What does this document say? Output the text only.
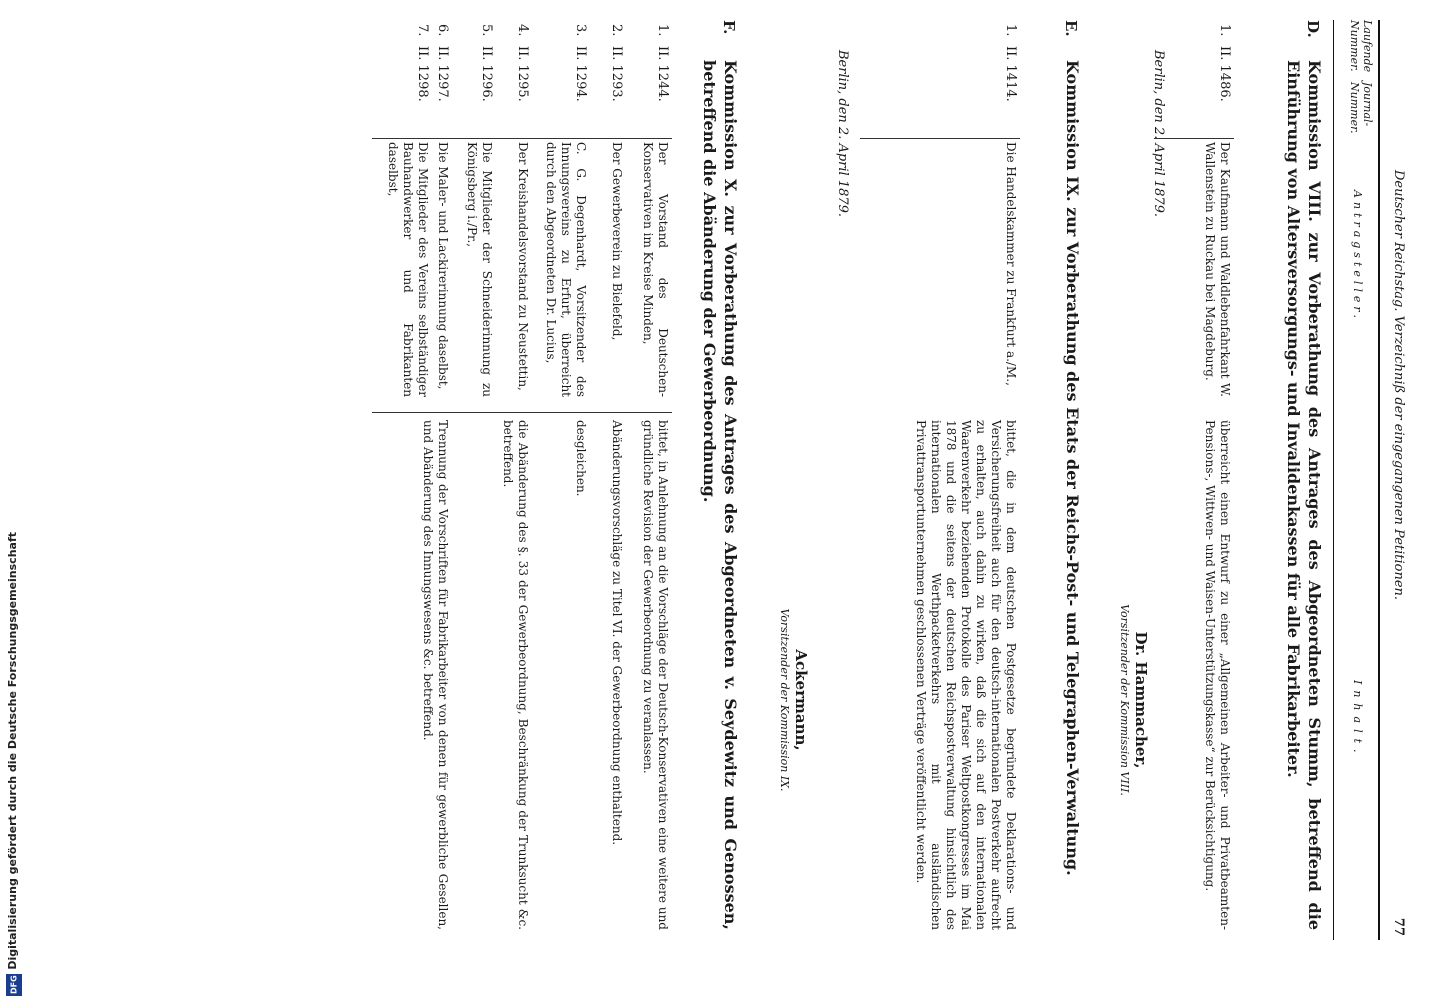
Digitalisierung gefördert durch die Deutsche Forschungsgemeinschaft
DFG
Deutscher Reichstag. Verzeichniß der eingegangenen Petitionen.
77
Laufende Nummer.
Journal-Nummer.
Antragsteller.
Inhalt.
D.
Kommission VIII. zur Vorberathung des Antrages des Abgeordneten Stumm, betreffend die Einführung von Altersversorgungs- und Invalidenkassen für alle Fabrikarbeiter.
1.
II. 1486.
Der Kaufmann und Waldlebenfahrkant W. Wallenstein zu Ruckau bei Magdeburg.
überreicht einen Entwurf zu einer „Allgemeinen Arbeiter- und Privatbeamten-Pensions-, Wittwen- und Waisen-Unterstützungskasse“ zur Berücksichtigung.
Berlin, den 2. April 1879.
Dr. Hammacher,
Vorsitzender der Kommission VIII.
E.
Kommission IX. zur Vorberathung des Etats der Reichs-Post- und Telegraphen-Verwaltung.
1.
II. 1414.
Die Handelskammer zu Frankfurt a./M.,
bittet, die in dem deutschen Postgesetze begründete Deklarations- und Versicherungsfreiheit auch für den deutsch-internationalen Postverkehr aufrecht zu erhalten, auch dahin zu wirken, daß die sich auf den internationalen Waarenverkehr beziehenden Protokolle des Pariser Weltpostkongresses im Mai 1878 und die seitens der deutschen Reichspostverwaltung hinsichtlich des internationalen Werthpacketverkehrs mit ausländischen Privattransportunternehmen geschlossenen Verträge veröffentlicht werden.
Berlin, den 2. April 1879.
Ackermann,
Vorsitzender der Kommission IX.
F.
Kommission X. zur Vorberathung des Antrages des Abgeordneten v. Seydewitz und Genossen, betreffend die Abänderung der Gewerbeordnung.
1.
II. 1244.
Der Vorstand des Deutschen-Konservativen im Kreise Minden,
bittet, in Anlehnung an die Vorschläge der Deutsch-Konservativen eine weitere und gründliche Revision der Gewerbeordnung zu veranlassen.
2.
II. 1293.
Der Gewerbeverein zu Bielefeld,
Abänderungsvorschläge zu Titel VI. der Gewerbeordnung enthaltend.
3.
II. 1294.
C. G. Degenhardt, Vorsitzender des Innungsvereins zu Erfurt, überreicht durch den Abgeordneten Dr. Lucius,
desgleichen.
4.
II. 1295.
Der Kreishandelsvorstand zu Neustettin,
die Abänderung des §. 33 der Gewerbeordnung, Beschränkung der Trunksucht &c. betreffend.
5.
II. 1296.
Die Mitglieder der Schneiderinnung zu Königsberg i./Pr.,
6.
II. 1297.
Die Maler- und Lackirerinnung daselbst,
Trennung der Vorschriften für Fabrikarbeiter von denen für gewerbliche Gesellen, und Abänderung des Innungswesens &c. betreffend.
7.
II. 1298.
Die Mitglieder des Vereins selbständiger Bauhandwerker und Fabrikanten daselbst,
